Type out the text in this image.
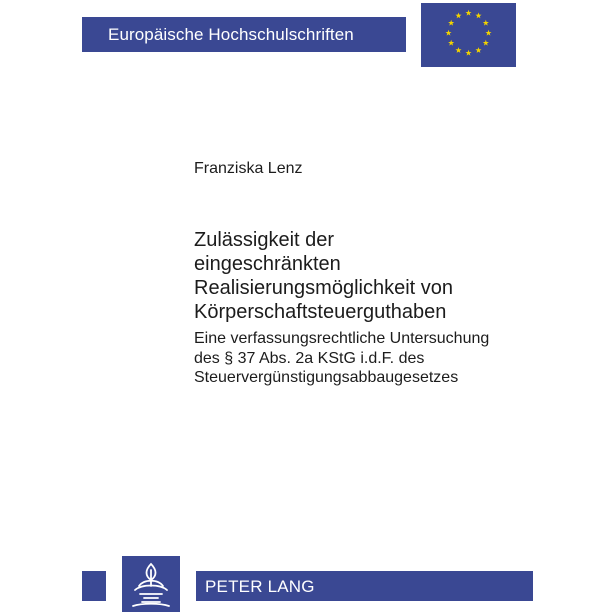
Europäische Hochschulschriften
Franziska Lenz
Zulässigkeit der
eingeschränkten
Realisierungsmöglichkeit von
Körperschaftsteuerguthaben

Eine verfassungsrechtliche Untersuchung
des § 37 Abs. 2a KStG i.d.F. des
Steuervergünstigungsabbaugesetzes

PETER LANG
